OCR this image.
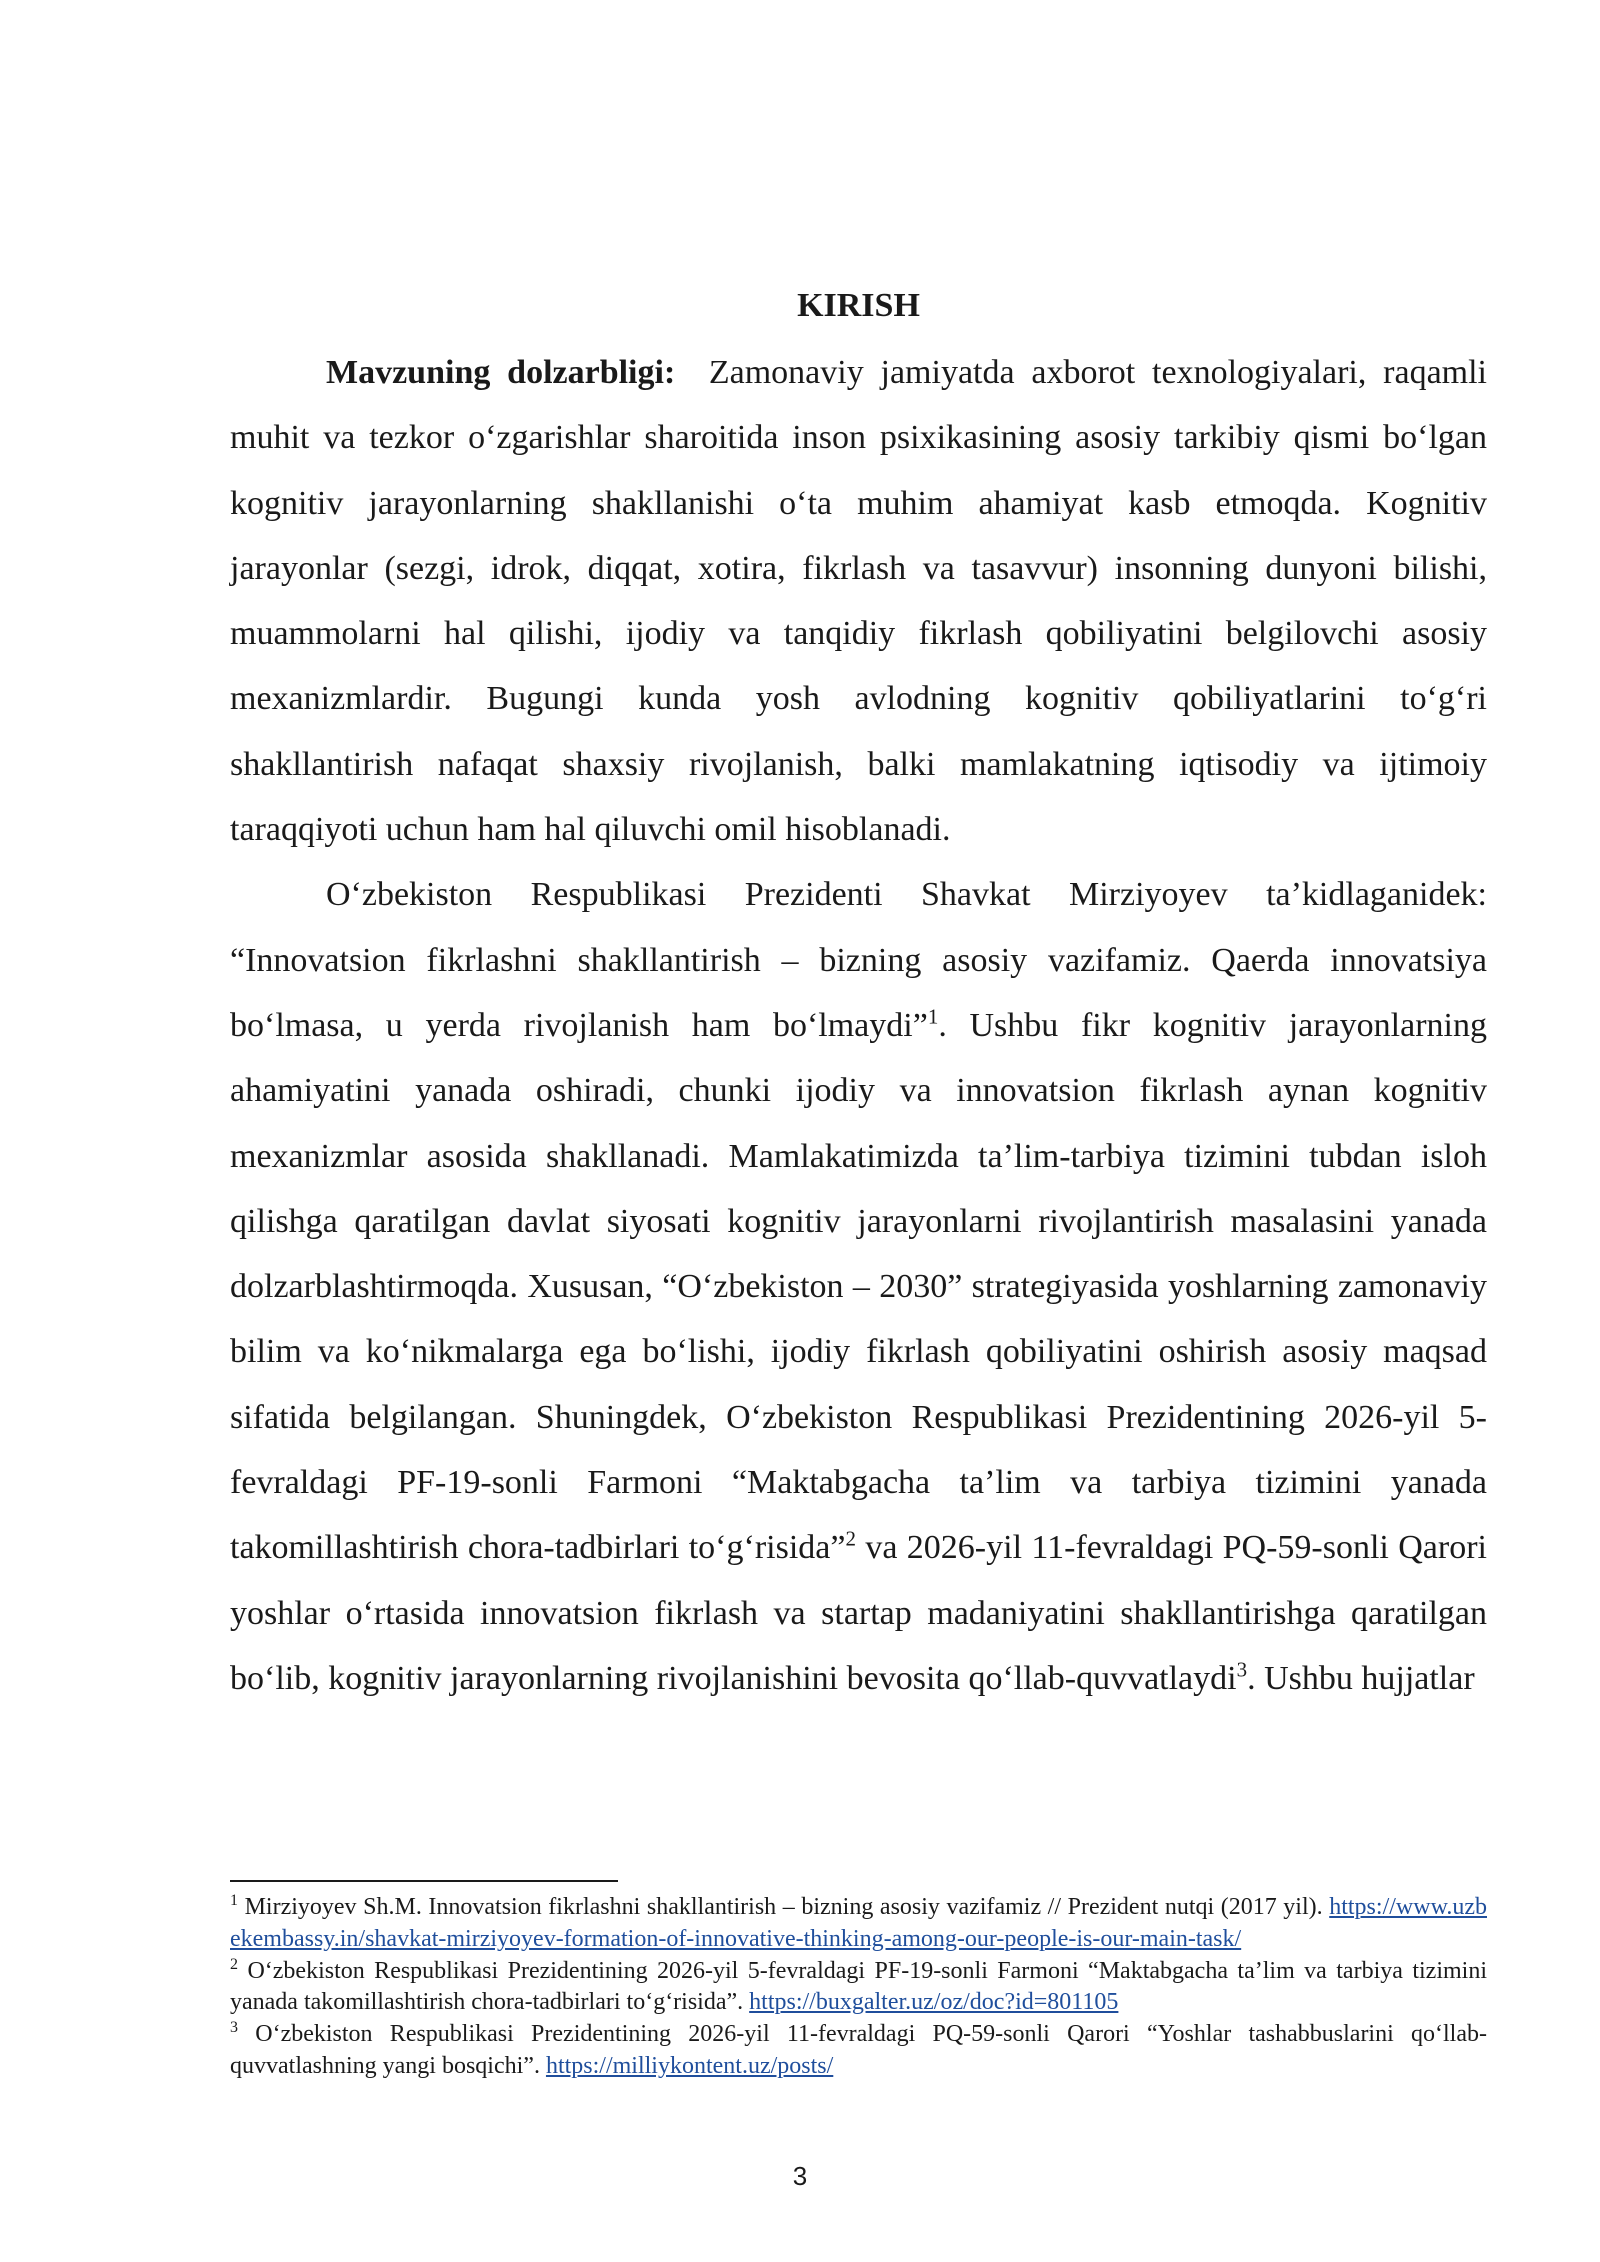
KIRISH

Mavzuning dolzarbligi: Zamonaviy jamiyatda axborot texnologiyalari, raqamli muhit va tezkor oʻzgarishlar sharoitida inson psixikasining asosiy tarkibiy qismi boʻlgan kognitiv jarayonlarning shakllanishi oʻta muhim ahamiyat kasb etmoqda. Kognitiv jarayonlar (sezgi, idrok, diqqat, xotira, fikrlash va tasavvur) insonning dunyoni bilishi, muammolarni hal qilishi, ijodiy va tanqidiy fikrlash qobiliyatini belgilovchi asosiy mexanizmlardir. Bugungi kunda yosh avlodning kognitiv qobiliyatlarini toʻgʻri shakllantirish nafaqat shaxsiy rivojlanish, balki mamlakatning iqtisodiy va ijtimoiy taraqqiyoti uchun ham hal qiluvchi omil hisoblanadi.

Oʻzbekiston Respublikasi Prezidenti Shavkat Mirziyoyev ta’kidlaganidek: “Innovatsion fikrlashni shakllantirish – bizning asosiy vazifamiz. Qaerda innovatsiya boʻlmasa, u yerda rivojlanish ham boʻlmaydi”$^1$. Ushbu fikr kognitiv jarayonlarning ahamiyatini yanada oshiradi, chunki ijodiy va innovatsion fikrlash aynan kognitiv mexanizmlar asosida shakllanadi. Mamlakatimizda ta’lim-tarbiya tizimini tubdan isloh qilishga qaratilgan davlat siyosati kognitiv jarayonlarni rivojlantirish masalasini yanada dolzarblashtirmoqda. Xususan, “Oʻzbekiston – 2030” strategiyasida yoshlarning zamonaviy bilim va koʻnikmalarga ega boʻlishi, ijodiy fikrlash qobiliyatini oshirish asosiy maqsad sifatida belgilangan. Shuningdek, Oʻzbekiston Respublikasi Prezidentining 2026-yil 5-fevraldagi PF-19-sonli Farmoni “Maktabgacha ta’lim va tarbiya tizimini yanada takomillashtirish chora-tadbirlari toʻgʻrisida”$^2$ va 2026-yil 11-fevraldagi PQ-59-sonli Qarori yoshlar oʻrtasida innovatsion fikrlash va startap madaniyatini shakllantirishga qaratilgan boʻlib, kognitiv jarayonlarning rivojlanishini bevosita qoʻllab-quvvatlaydi$^3$. Ushbu hujjatlar

$^1$ Mirziyoyev Sh.M. Innovatsion fikrlashni shakllantirish – bizning asosiy vazifamiz // Prezident nutqi (2017 yil). https://www.uzbekembassy.in/shavkat-mirziyoyev-formation-of-innovative-thinking-among-our-people-is-our-main-task/

$^2$ Oʻzbekiston Respublikasi Prezidentining 2026-yil 5-fevraldagi PF-19-sonli Farmoni “Maktabgacha ta’lim va tarbiya tizimini yanada takomillashtirish chora-tadbirlari toʻgʻrisida”. https://buxgalter.uz/oz/doc?id=801105

$^3$ Oʻzbekiston Respublikasi Prezidentining 2026-yil 11-fevraldagi PQ-59-sonli Qarori “Yoshlar tashabbuslarini qoʻllab-quvvatlashning yangi bosqichi”. https://milliykontent.uz/posts/

3
